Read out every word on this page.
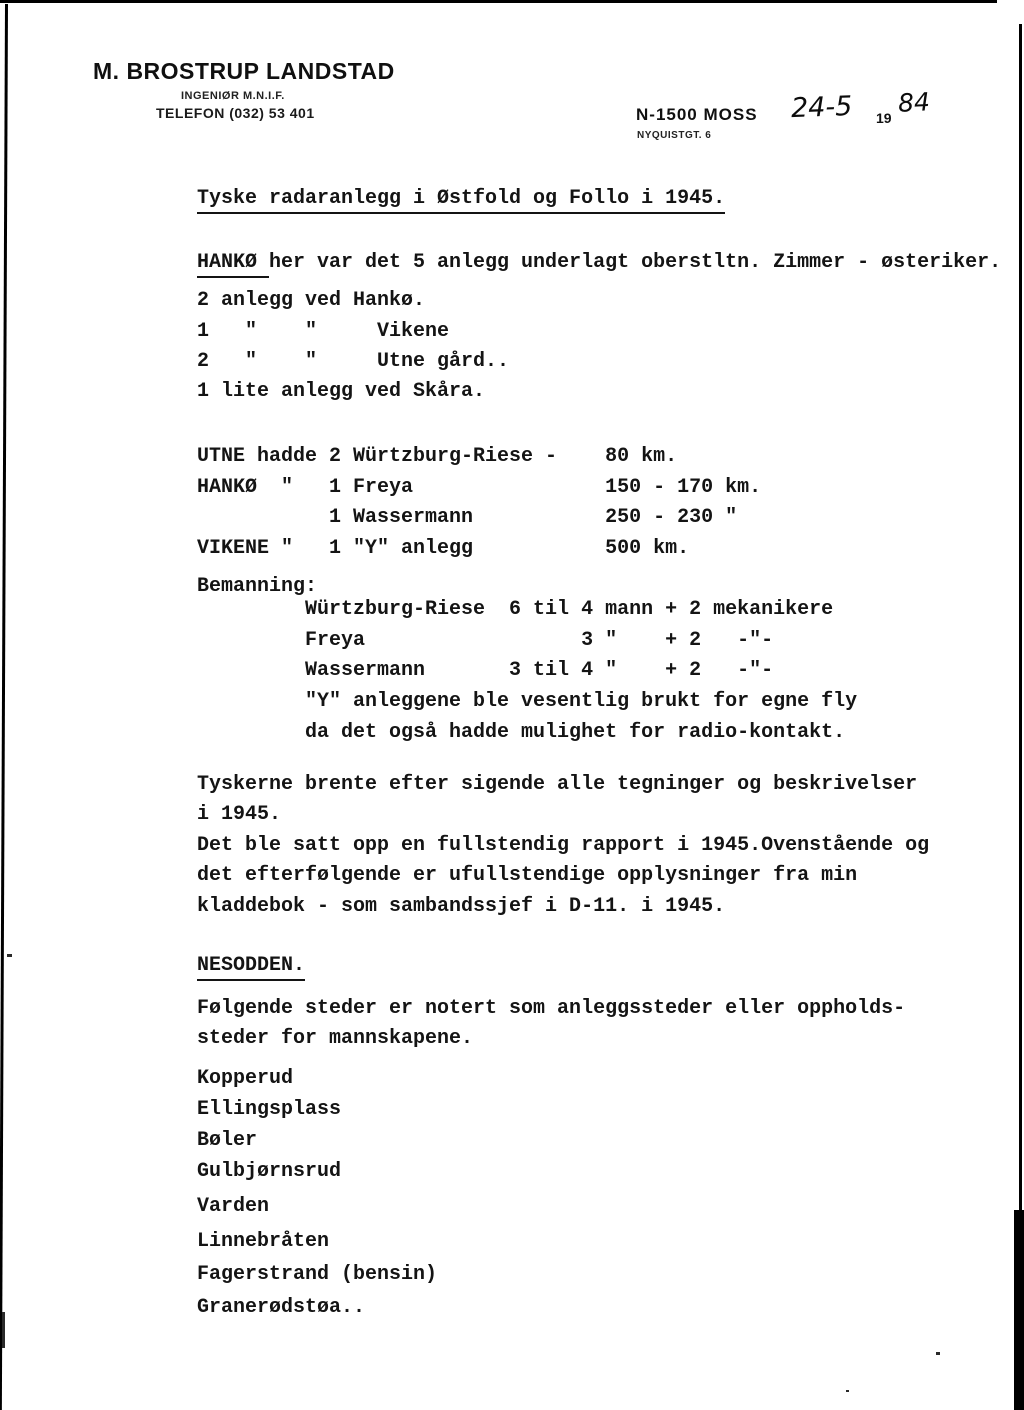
M. BROSTRUP LANDSTAD
INGENIØR M.N.I.F.
TELEFON (032) 53 401	N-1500 MOSS
NYQUISTGT. 6
24-5 19
84
Tyske radaranlegg i Østfold og Follo i 1945.
HANKØ her var det 5 anlegg underlagt oberstltn. Zimmer - østeriker.
2 anlegg ved Hankø.
1   "    "     Vikene
2   "    "     Utne gård..
1 lite anlegg ved Skåra.
UTNE hadde 2 Würtzburg-Riese -    80 km.
HANKØ  "   1 Freya                150 - 170 km.
1 Wassermann           250 - 230 "
VIKENE "   1 "Y" anlegg           500 km.
Bemanning:
Würtzburg-Riese  6 til 4 mann + 2 mekanikere
Freya                  3 "    + 2   -"-
Wassermann       3 til 4 "    + 2   -"-
"Y" anleggene ble vesentlig brukt for egne fly
da det også hadde mulighet for radio-kontakt.
Tyskerne brente efter sigende alle tegninger og beskrivelser
i 1945.
Det ble satt opp en fullstendig rapport i 1945.Ovenstående og
det efterfølgende er ufullstendige opplysninger fra min
kladdebok - som sambandssjef i D-11. i 1945.
NESODDEN.
Følgende steder er notert som anleggssteder eller oppholds-
steder for mannskapene.
Kopperud
Ellingsplass
Bøler
Gulbjørnsrud
Varden
Linnebråten
Fagerstrand (bensin)
Granerødstøa..
